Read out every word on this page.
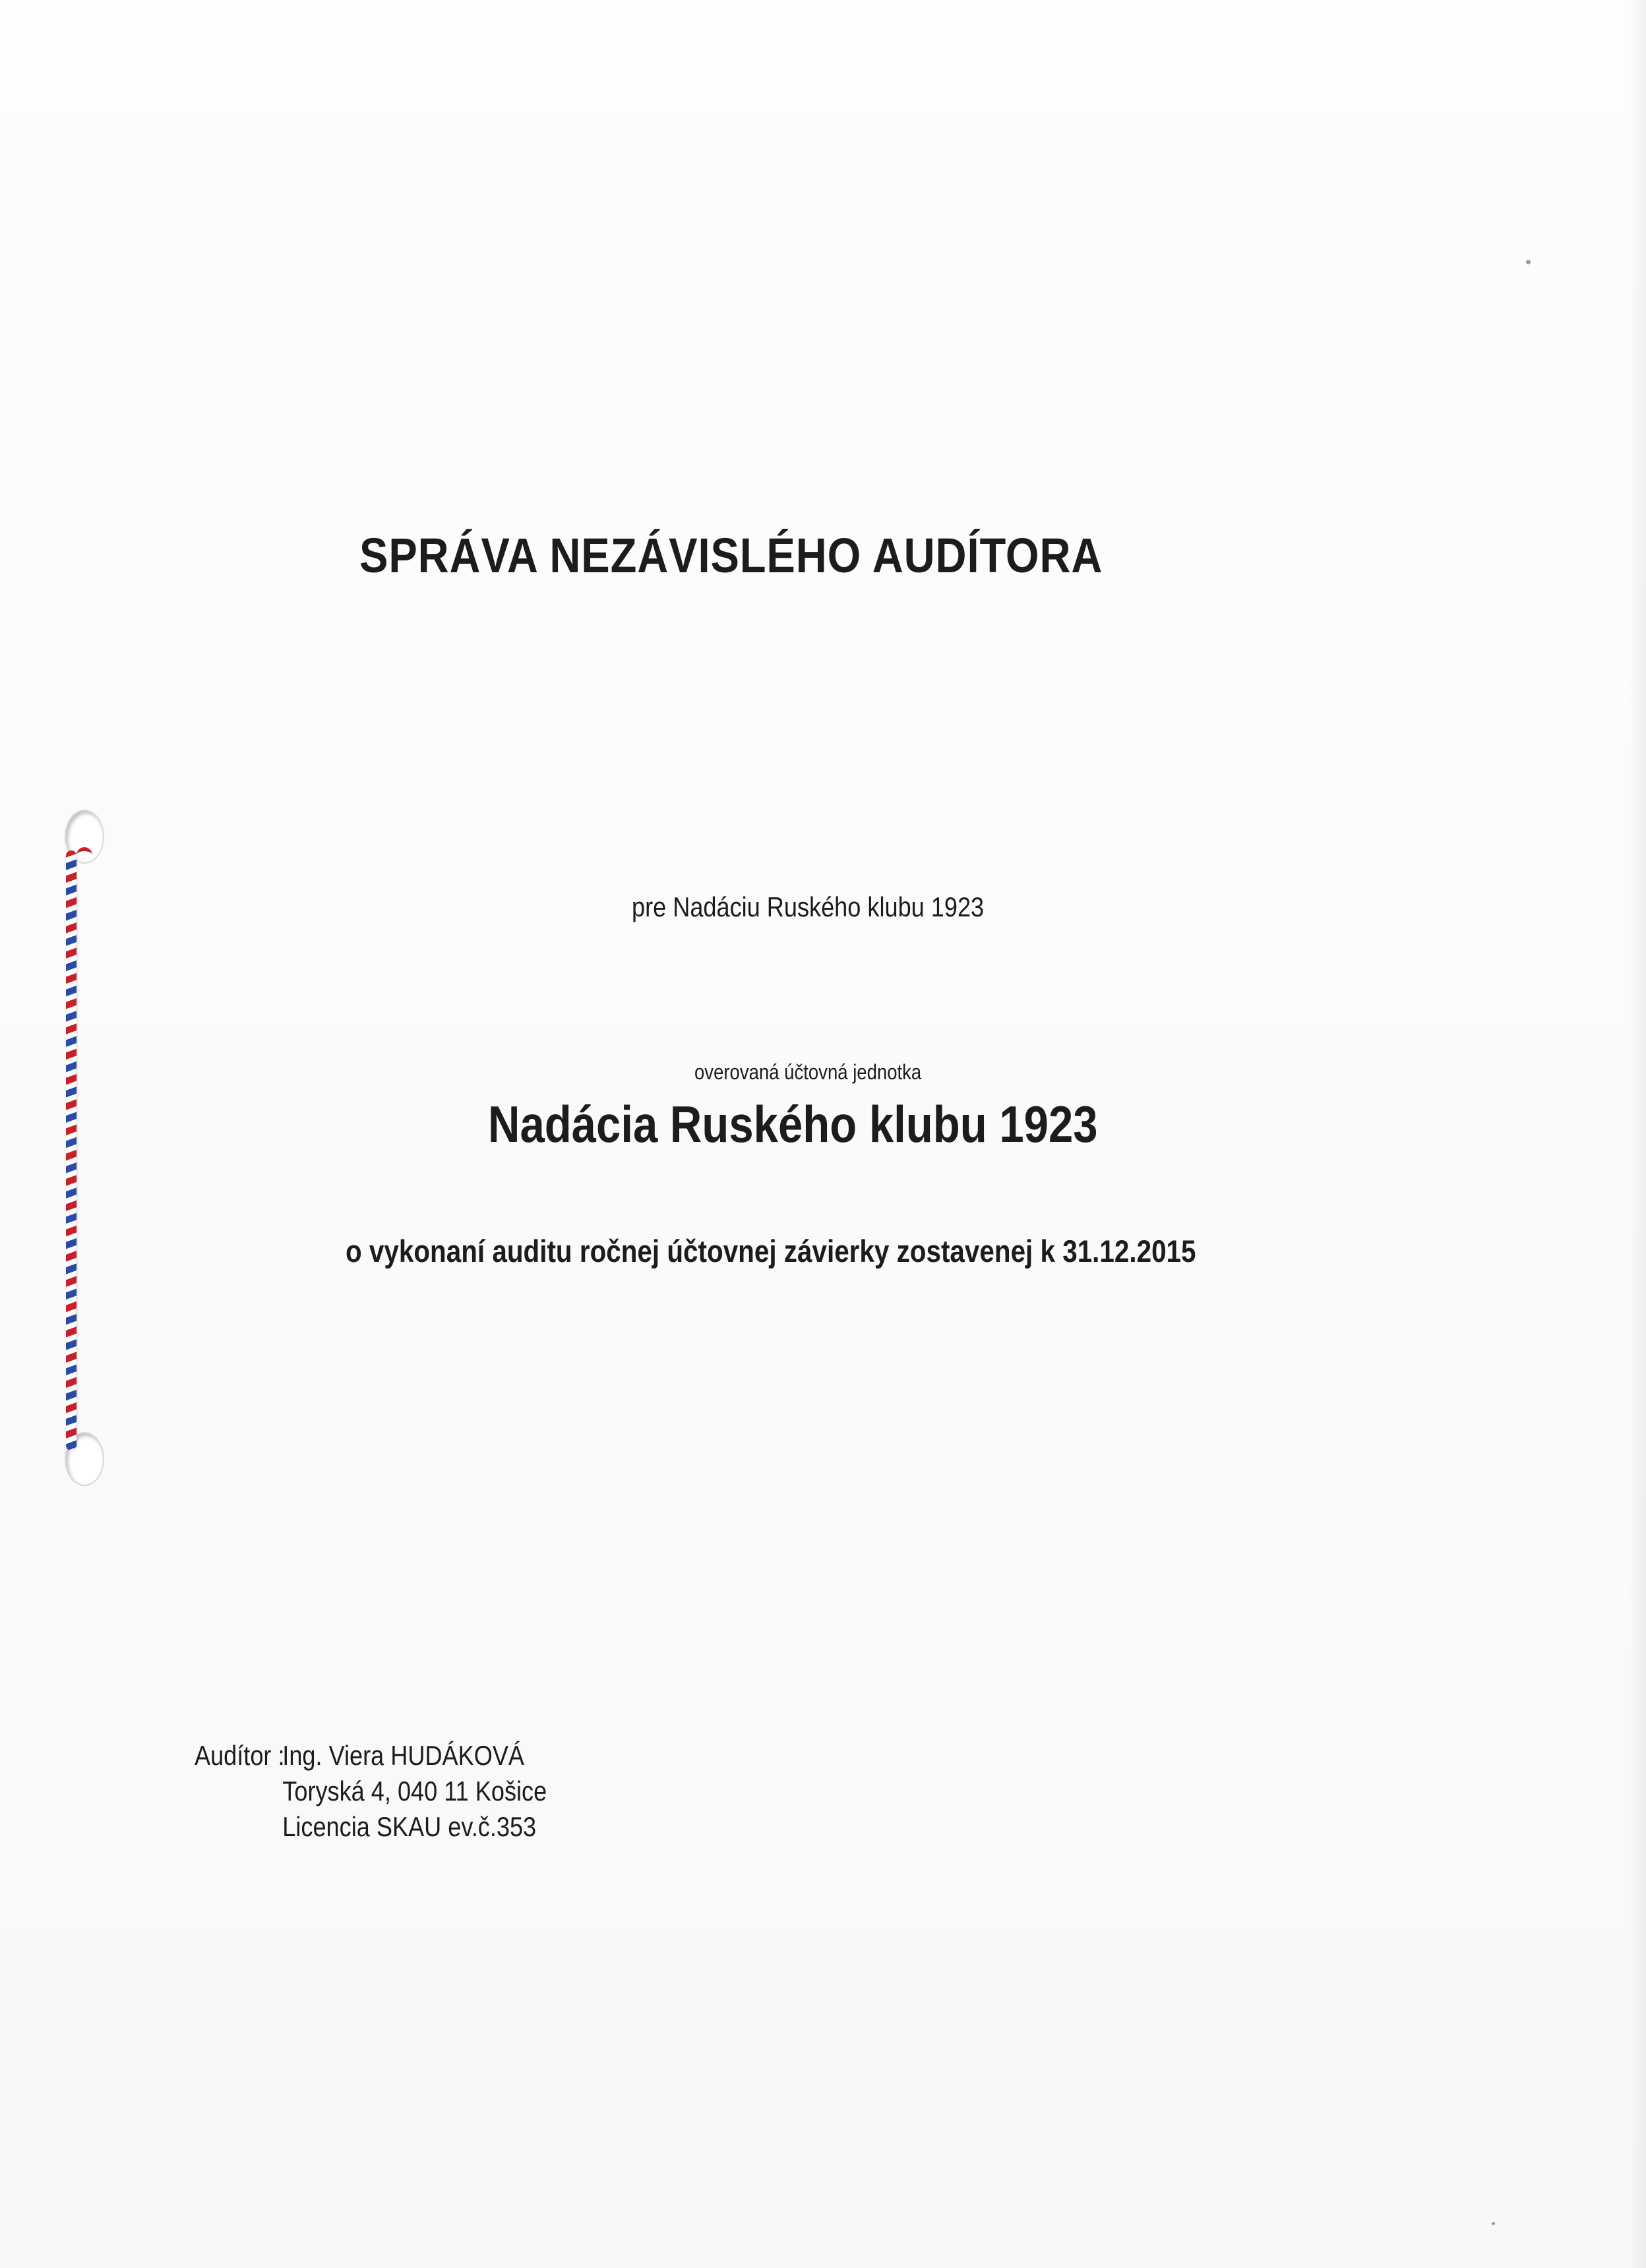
SPRÁVA NEZÁVISLÉHO AUDÍTORA
pre Nadáciu Ruského klubu 1923
overovaná účtovná jednotka
Nadácia Ruského klubu 1923
o vykonaní auditu ročnej účtovnej závierky zostavenej k 31.12.2015
Audítor :
Ing. Viera HUDÁKOVÁ
Toryská 4, 040 11 Košice
Licencia SKAU ev.č.353
